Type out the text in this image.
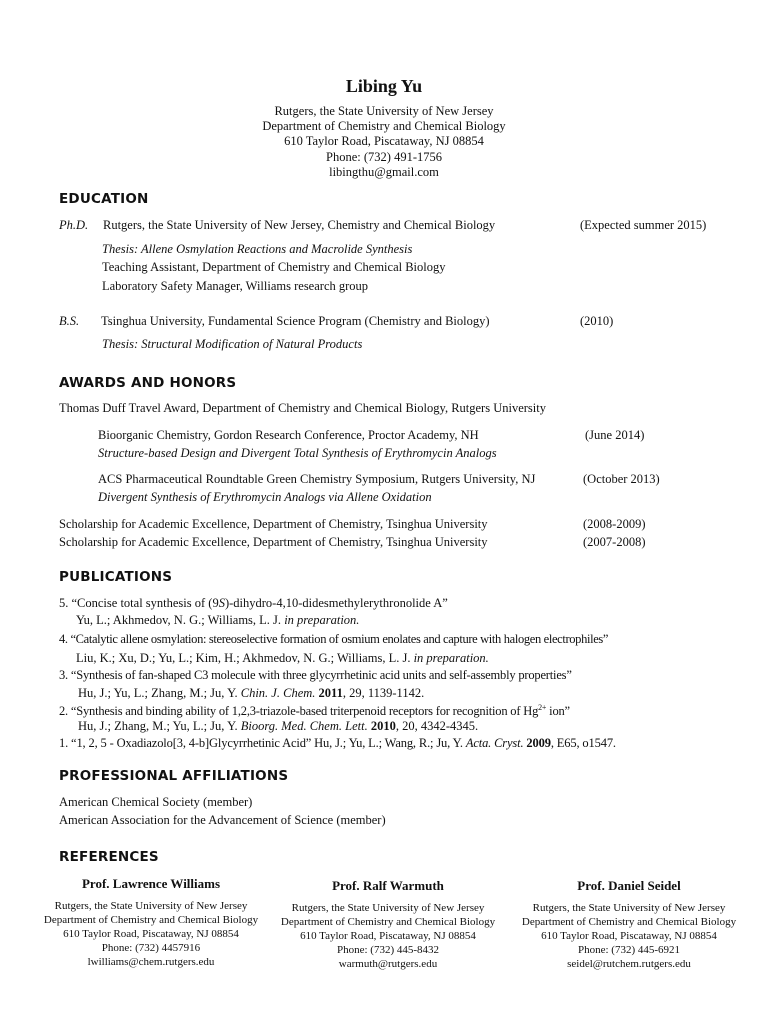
Libing Yu
Rutgers, the State University of New Jersey
Department of Chemistry and Chemical Biology
610 Taylor Road, Piscataway, NJ 08854
Phone: (732) 491-1756
libingthu@gmail.com
EDUCATION
Ph.D. Rutgers, the State University of New Jersey, Chemistry and Chemical Biology	(Expected summer 2015)
Thesis: Allene Osmylation Reactions and Macrolide Synthesis
Teaching Assistant, Department of Chemistry and Chemical Biology
Laboratory Safety Manager, Williams research group
B.S. Tsinghua University, Fundamental Science Program (Chemistry and Biology)	(2010)
Thesis: Structural Modification of Natural Products
AWARDS AND HONORS
Thomas Duff Travel Award, Department of Chemistry and Chemical Biology, Rutgers University
Bioorganic Chemistry, Gordon Research Conference, Proctor Academy, NH	(June 2014)
Structure-based Design and Divergent Total Synthesis of Erythromycin Analogs
ACS Pharmaceutical Roundtable Green Chemistry Symposium, Rutgers University, NJ	(October 2013)
Divergent Synthesis of Erythromycin Analogs via Allene Oxidation
Scholarship for Academic Excellence, Department of Chemistry, Tsinghua University	(2008-2009)
Scholarship for Academic Excellence, Department of Chemistry, Tsinghua University	(2007-2008)
PUBLICATIONS
5. “Concise total synthesis of (9S)-dihydro-4,10-didesmethylerythronolide A”
Yu, L.; Akhmedov, N. G.; Williams, L. J. in preparation.
4. “Catalytic allene osmylation: stereoselective formation of osmium enolates and capture with halogen electrophiles”
Liu, K.; Xu, D.; Yu, L.; Kim, H.; Akhmedov, N. G.; Williams, L. J. in preparation.
3. “Synthesis of fan-shaped C3 molecule with three glycyrrhetinic acid units and self-assembly properties”
Hu, J.; Yu, L.; Zhang, M.; Ju, Y. Chin. J. Chem. 2011, 29, 1139-1142.
2. “Synthesis and binding ability of 1,2,3-triazole-based triterpenoid receptors for recognition of $Hg^{2+}$ ion”
Hu, J.; Zhang, M.; Yu, L.; Ju, Y. Bioorg. Med. Chem. Lett. 2010, 20, 4342-4345.
1. “1, 2, 5 - Oxadiazolo[3, 4-b]Glycyrrhetinic Acid” Hu, J.; Yu, L.; Wang, R.; Ju, Y. Acta. Cryst. 2009, E65, o1547.
PROFESSIONAL AFFILIATIONS
American Chemical Society (member)
American Association for the Advancement of Science (member)
REFERENCES
Prof. Lawrence Williams
Rutgers, the State University of New Jersey
Department of Chemistry and Chemical Biology
610 Taylor Road, Piscataway, NJ 08854
Phone: (732) 4457916
lwilliams@chem.rutgers.edu
Prof. Ralf Warmuth
Rutgers, the State University of New Jersey
Department of Chemistry and Chemical Biology
610 Taylor Road, Piscataway, NJ 08854
Phone: (732) 445-8432
warmuth@rutgers.edu
Prof. Daniel Seidel
Rutgers, the State University of New Jersey
Department of Chemistry and Chemical Biology
610 Taylor Road, Piscataway, NJ 08854
Phone: (732) 445-6921
seidel@rutchem.rutgers.edu
